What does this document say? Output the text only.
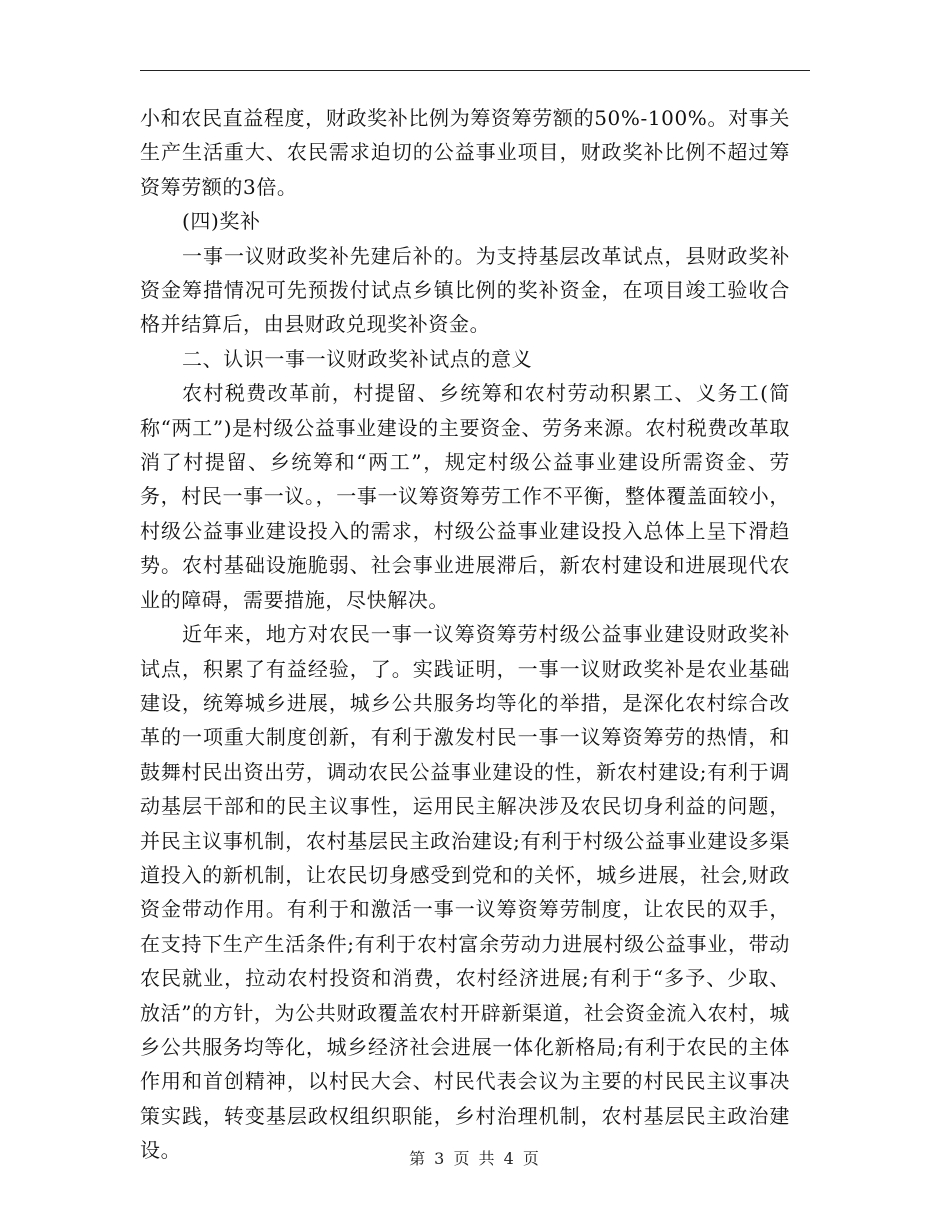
小和农民直益程度，财政奖补比例为筹资筹劳额的50%-100%。对事关生产生活重大、农民需求迫切的公益事业项目，财政奖补比例不超过筹资筹劳额的3倍。

(四)奖补

一事一议财政奖补先建后补的。为支持基层改革试点，县财政奖补资金筹措情况可先预拨付试点乡镇比例的奖补资金，在项目竣工验收合格并结算后，由县财政兑现奖补资金。

二、认识一事一议财政奖补试点的意义

农村税费改革前，村提留、乡统筹和农村劳动积累工、义务工(简称“两工”)是村级公益事业建设的主要资金、劳务来源。农村税费改革取消了村提留、乡统筹和“两工”，规定村级公益事业建设所需资金、劳务，村民一事一议。，一事一议筹资筹劳工作不平衡，整体覆盖面较小，村级公益事业建设投入的需求，村级公益事业建设投入总体上呈下滑趋势。农村基础设施脆弱、社会事业进展滞后，新农村建设和进展现代农业的障碍，需要措施，尽快解决。

近年来，地方对农民一事一议筹资筹劳村级公益事业建设财政奖补试点，积累了有益经验，了。实践证明，一事一议财政奖补是农业基础建设，统筹城乡进展，城乡公共服务均等化的举措，是深化农村综合改革的一项重大制度创新，有利于激发村民一事一议筹资筹劳的热情，和鼓舞村民出资出劳，调动农民公益事业建设的性，新农村建设;有利于调动基层干部和的民主议事性，运用民主解决涉及农民切身利益的问题，并民主议事机制，农村基层民主政治建设;有利于村级公益事业建设多渠道投入的新机制，让农民切身感受到党和的关怀，城乡进展，社会,财政资金带动作用。有利于和激活一事一议筹资筹劳制度，让农民的双手，在支持下生产生活条件;有利于农村富余劳动力进展村级公益事业，带动农民就业，拉动农村投资和消费，农村经济进展;有利于“多予、少取、放活”的方针，为公共财政覆盖农村开辟新渠道，社会资金流入农村，城乡公共服务均等化，城乡经济社会进展一体化新格局;有利于农民的主体作用和首创精神，以村民大会、村民代表会议为主要的村民民主议事决策实践，转变基层政权组织职能，乡村治理机制，农村基层民主政治建设。	第 3 页 共 4 页
